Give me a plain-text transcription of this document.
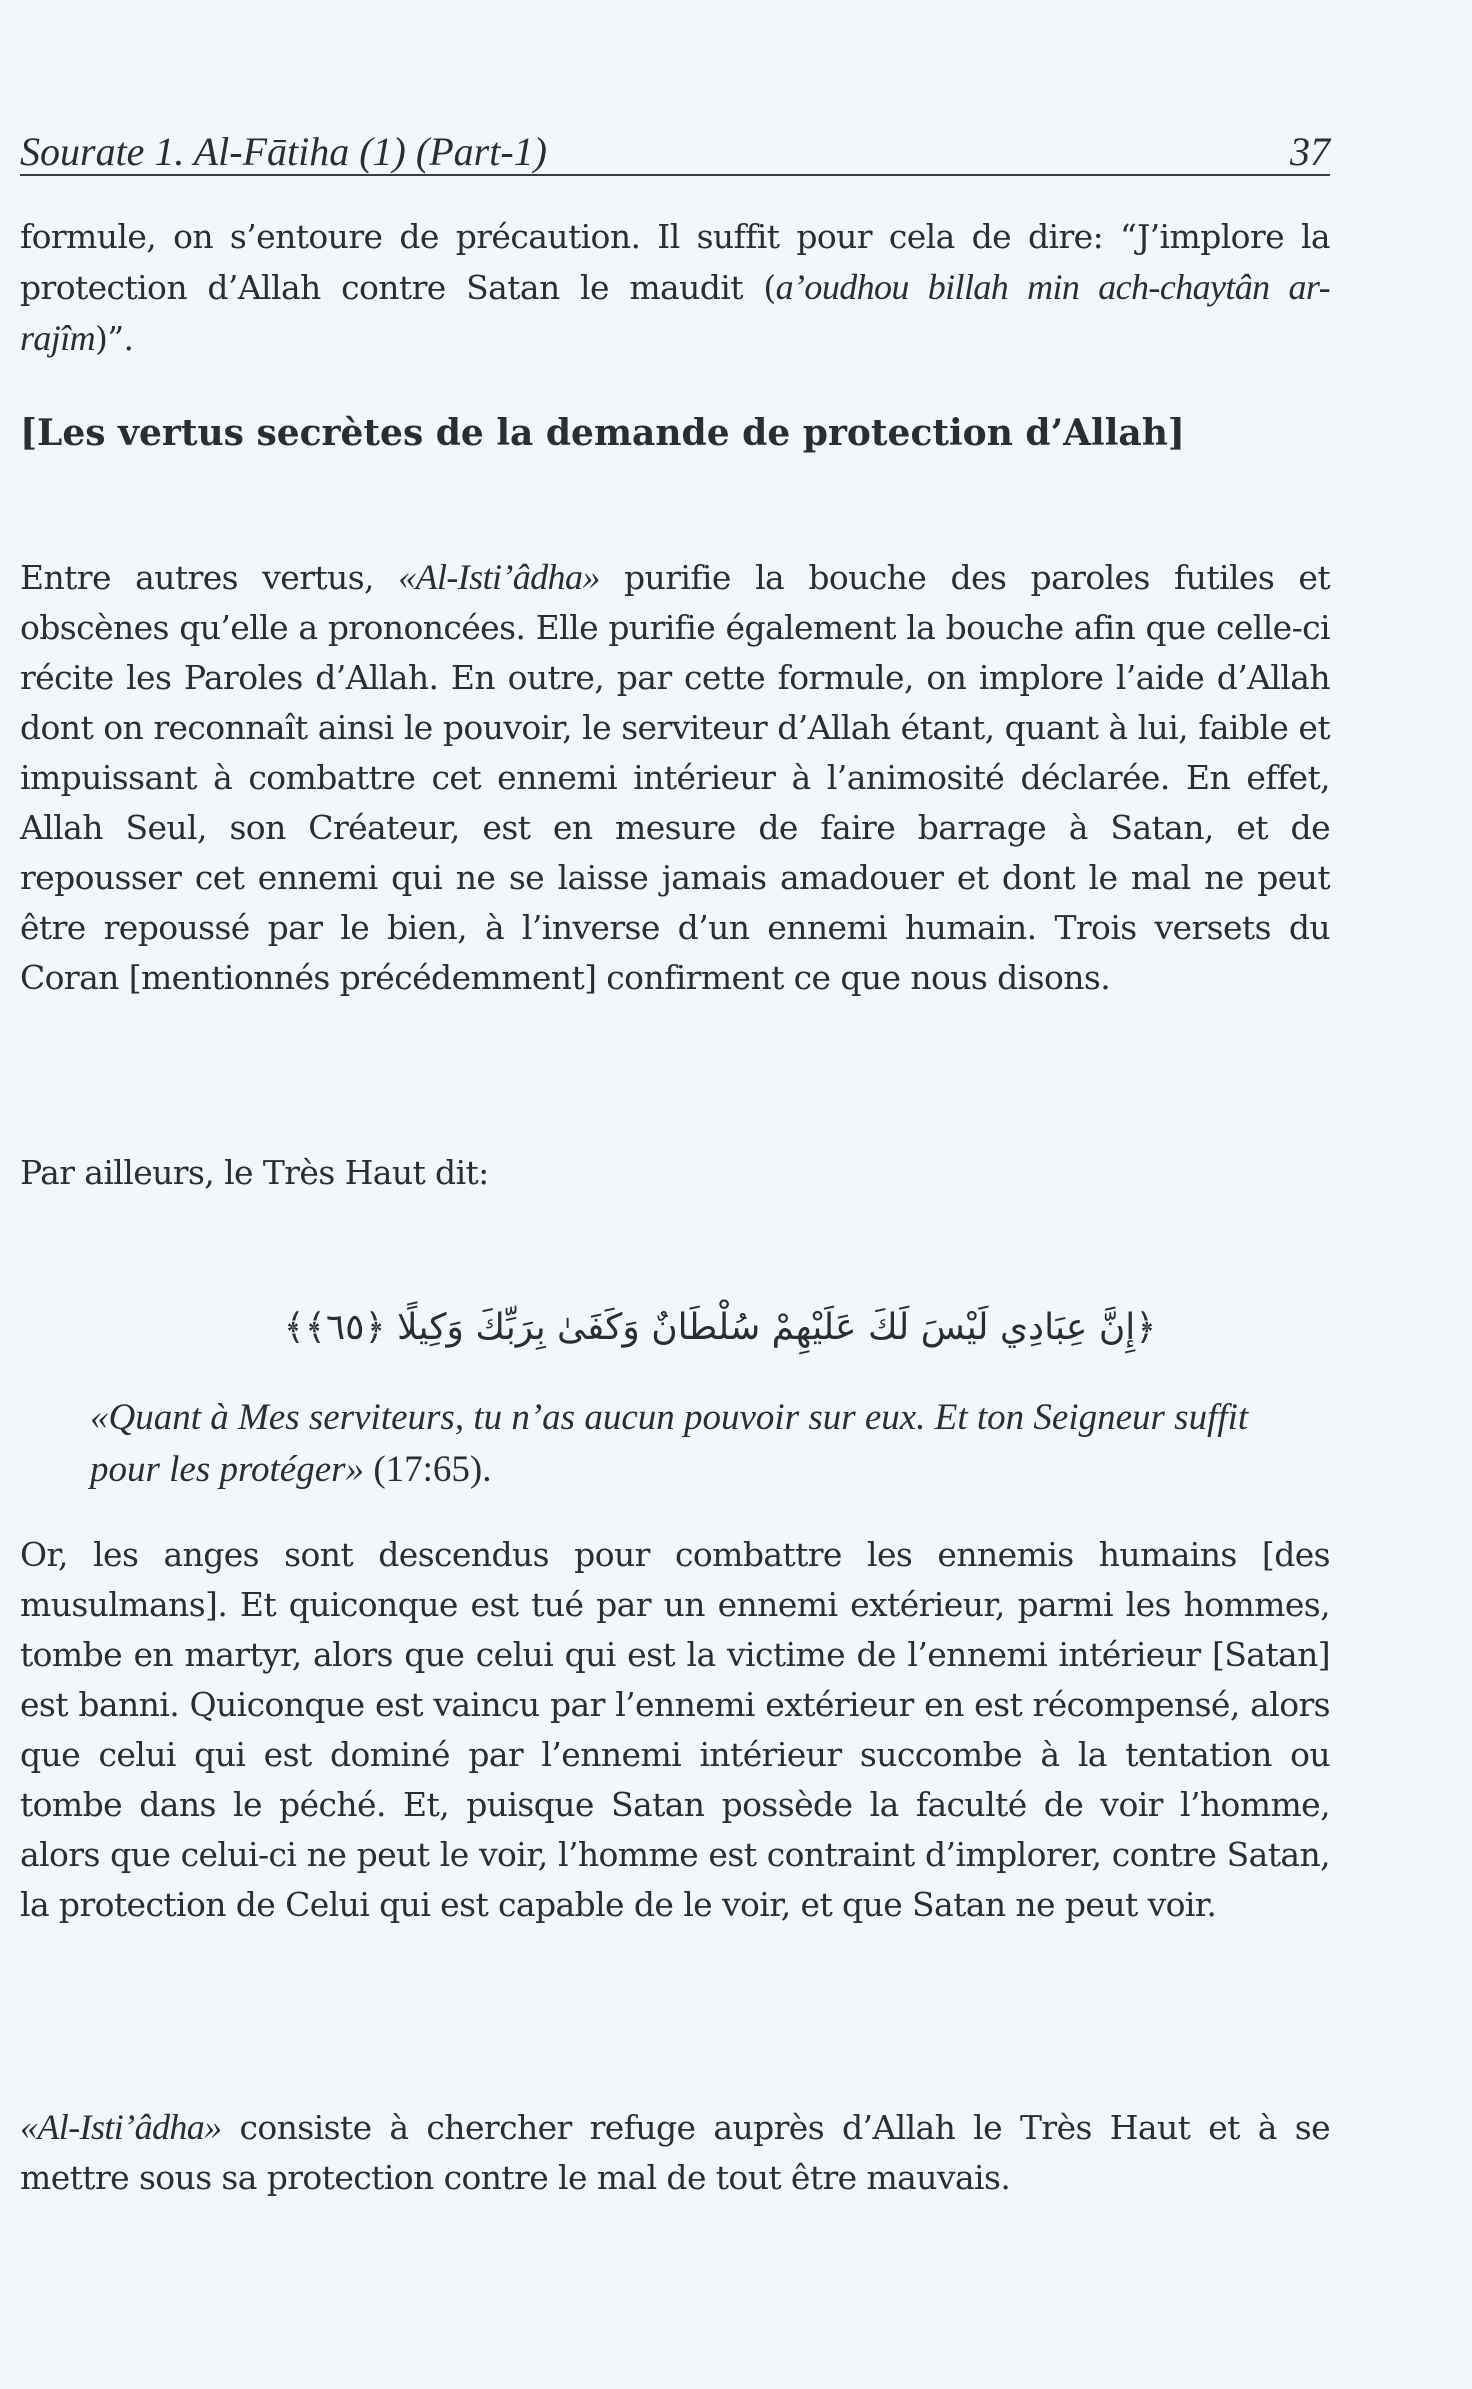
Sourate 1. Al-Fātiha (1) (Part-1)	37
formule, on s’entoure de précaution. Il suffit pour cela de dire: “J’implore la protection d’Allah contre Satan le maudit (a’oudhou billah min ach-chaytân ar-rajîm)”.
[Les vertus secrètes de la demande de protection d’Allah]
Entre autres vertus, «Al-Isti’âdha» purifie la bouche des paroles futiles et obscènes qu’elle a prononcées. Elle purifie également la bouche afin que celle-ci récite les Paroles d’Allah. En outre, par cette formule, on implore l’aide d’Allah dont on reconnaît ainsi le pouvoir, le serviteur d’Allah étant, quant à lui, faible et impuissant à combattre cet ennemi intérieur à l’animosité déclarée. En effet, Allah Seul, son Créateur, est en mesure de faire barrage à Satan, et de repousser cet ennemi qui ne se laisse jamais amadouer et dont le mal ne peut être repoussé par le bien, à l’inverse d’un ennemi humain. Trois versets du Coran [mentionnés précédemment] confirment ce que nous disons.
Par ailleurs, le Très Haut dit:
﴿إِنَّ عِبَادِي لَيْسَ لَكَ عَلَيْهِمْ سُلْطَانٌ وَكَفَىٰ بِرَبِّكَ وَكِيلًا ﴿٦٥﴾﴾
«Quant à Mes serviteurs, tu n’as aucun pouvoir sur eux. Et ton Seigneur suffit pour les protéger» (17:65).
Or, les anges sont descendus pour combattre les ennemis humains [des musulmans]. Et quiconque est tué par un ennemi extérieur, parmi les hommes, tombe en martyr, alors que celui qui est la victime de l’ennemi intérieur [Satan] est banni. Quiconque est vaincu par l’ennemi extérieur en est récompensé, alors que celui qui est dominé par l’ennemi intérieur succombe à la tentation ou tombe dans le péché. Et, puisque Satan possède la faculté de voir l’homme, alors que celui-ci ne peut le voir, l’homme est contraint d’implorer, contre Satan, la protection de Celui qui est capable de le voir, et que Satan ne peut voir.
«Al-Isti’âdha» consiste à chercher refuge auprès d’Allah le Très Haut et à se mettre sous sa protection contre le mal de tout être mauvais.
